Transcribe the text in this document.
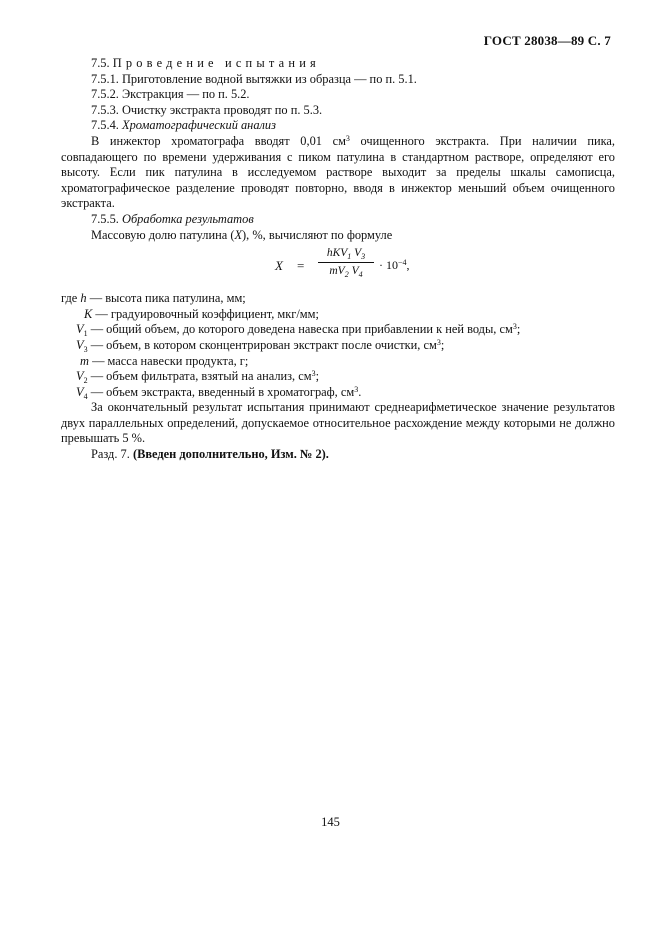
ГОСТ 28038—89 С. 7

7.5. Проведение испытания

7.5.1. Приготовление водной вытяжки из образца — по п. 5.1.

7.5.2. Экстракция — по п. 5.2.

7.5.3. Очистку экстракта проводят по п. 5.3.

7.5.4. Хроматографический анализ

В инжектор хроматографа вводят 0,01 $см^3$ очищенного экстракта. При наличии пика, совпадающего по времени удерживания с пиком патулина в стандартном растворе, определяют его высоту. Если пик патулина в исследуемом растворе выходит за пределы шкалы самописца, хроматографическое разделение проводят повторно, вводя в инжектор меньший объем очищенного экстракта.

7.5.5. Обработка результатов

Массовую долю патулина (X), %, вычисляют по формуле

X =
hKV$_1$ $V_3$
$mV_2$ $V_4$
· $10^{-4}$,
где h — высота пика патулина, мм;
K — градуировочный коэффициент, мкг/мм;
$V_1$ — общий объем, до которого доведена навеска при прибавлении к ней воды, $см^3$;
$V_3$ — объем, в котором сконцентрирован экстракт после очистки, $см^3$;
m — масса навески продукта, г;
$V_2$ — объем фильтрата, взятый на анализ, $см^3$;
$V_4$ — объем экстракта, введенный в хроматограф, $см^3$.

За окончательный результат испытания принимают среднеарифметическое значение результатов двух параллельных определений, допускаемое относительное расхождение между которыми не должно превышать 5 %.

Разд. 7. (Введен дополнительно, Изм. № 2).

145
